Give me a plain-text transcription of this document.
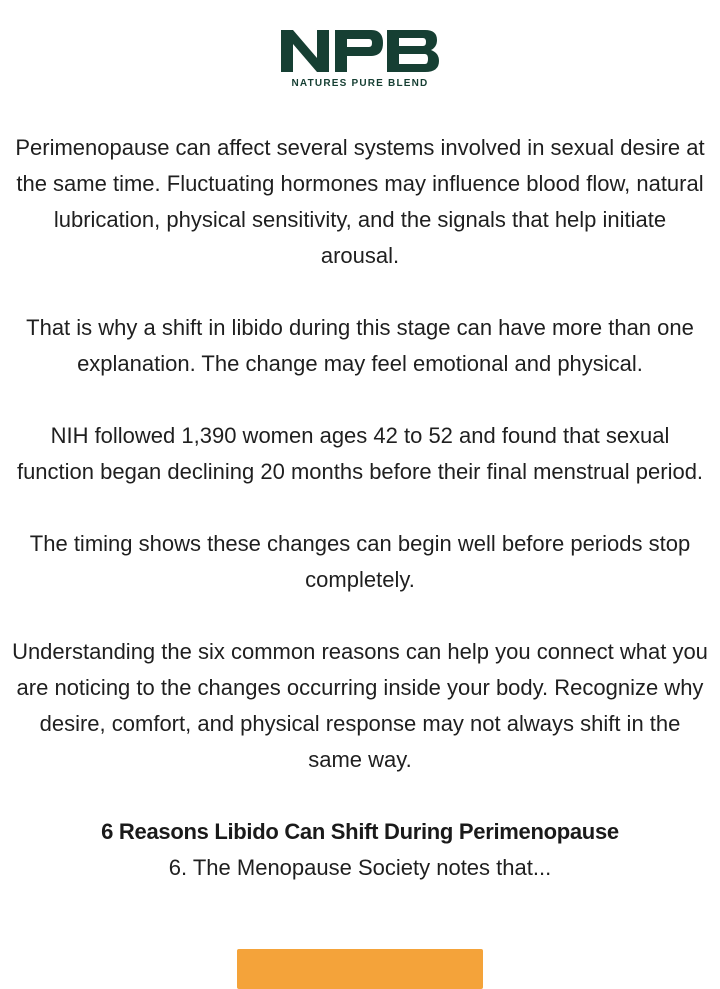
NATURES PURE BLEND

Perimenopause can affect several systems involved in sexual desire at the same time. Fluctuating hormones may influence blood flow, natural lubrication, physical sensitivity, and the signals that help initiate arousal.

That is why a shift in libido during this stage can have more than one explanation. The change may feel emotional and physical.

NIH followed 1,390 women ages 42 to 52 and found that sexual function began declining 20 months before their final menstrual period.

The timing shows these changes can begin well before periods stop completely.

Understanding the six common reasons can help you connect what you are noticing to the changes occurring inside your body. Recognize why desire, comfort, and physical response may not always shift in the same way.

6 Reasons Libido Can Shift During Perimenopause

6. The Menopause Society notes that...
